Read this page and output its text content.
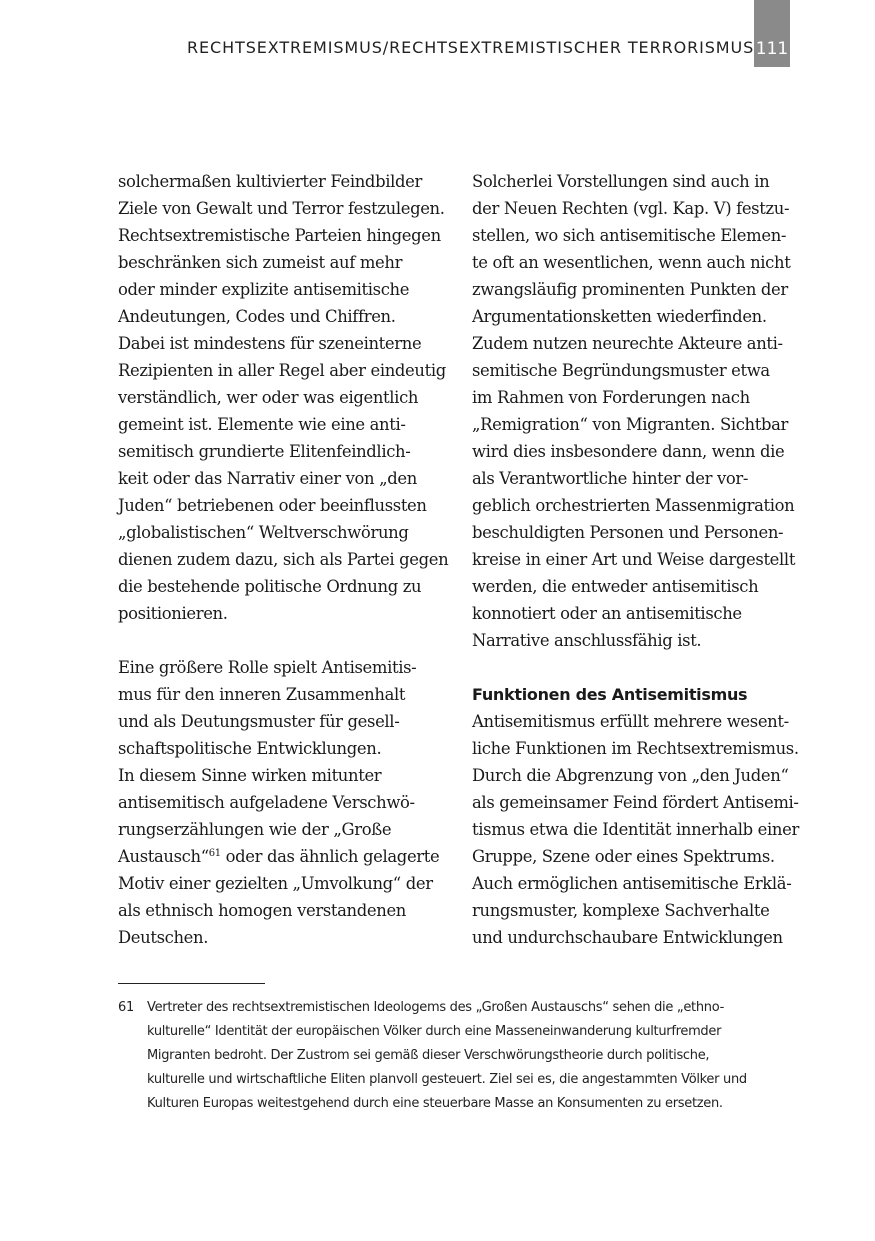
RECHTSEXTREMISMUS/RECHTSEXTREMISTISCHER TERRORISMUS 111
solchermaßen kultivierter Feindbilder
Ziele von Gewalt und Terror festzulegen.
Rechtsextremistische Parteien hingegen
beschränken sich zumeist auf mehr
oder minder explizite antisemitische
Andeutungen, Codes und Chiffren.
Dabei ist mindestens für szeneinterne
Rezipienten in aller Regel aber eindeutig
verständlich, wer oder was eigentlich
gemeint ist. Elemente wie eine anti-
semitisch grundierte Elitenfeindlich-
keit oder das Narrativ einer von „den
Juden“ betriebenen oder beeinflussten
„globalistischen“ Weltverschwörung
dienen zudem dazu, sich als Partei gegen
die bestehende politische Ordnung zu
positionieren.
Eine größere Rolle spielt Antisemitis-
mus für den inneren Zusammenhalt
und als Deutungsmuster für gesell-
schaftspolitische Entwicklungen.
In diesem Sinne wirken mitunter
antisemitisch aufgeladene Verschwö-
rungserzählungen wie der „Große
Austausch“$^{61}$ oder das ähnlich gelagerte
Motiv einer gezielten „Umvolkung“ der
als ethnisch homogen verstandenen
Deutschen.
Solcherlei Vorstellungen sind auch in
der Neuen Rechten (vgl. Kap. V) festzu-
stellen, wo sich antisemitische Elemen-
te oft an wesentlichen, wenn auch nicht
zwangsläufig prominenten Punkten der
Argumentationsketten wiederfinden.
Zudem nutzen neurechte Akteure anti-
semitische Begründungsmuster etwa
im Rahmen von Forderungen nach
„Remigration“ von Migranten. Sichtbar
wird dies insbesondere dann, wenn die
als Verantwortliche hinter der vor-
geblich orchestrierten Massenmigration
beschuldigten Personen und Personen-
kreise in einer Art und Weise dargestellt
werden, die entweder antisemitisch
konnotiert oder an antisemitische
Narrative anschlussfähig ist.
Funktionen des Antisemitismus
Antisemitismus erfüllt mehrere wesent-
liche Funktionen im Rechtsextremismus.
Durch die Abgrenzung von „den Juden“
als gemeinsamer Feind fördert Antisemi-
tismus etwa die Identität innerhalb einer
Gruppe, Szene oder eines Spektrums.
Auch ermöglichen antisemitische Erklä-
rungsmuster, komplexe Sachverhalte
und undurchschaubare Entwicklungen
61 Vertreter des rechtsextremistischen Ideologems des „Großen Austauschs“ sehen die „ethno-
kulturelle“ Identität der europäischen Völker durch eine Masseneinwanderung kulturfremder
Migranten bedroht. Der Zustrom sei gemäß dieser Verschwörungstheorie durch politische,
kulturelle und wirtschaftliche Eliten planvoll gesteuert. Ziel sei es, die angestammten Völker und
Kulturen Europas weitestgehend durch eine steuerbare Masse an Konsumenten zu ersetzen.
